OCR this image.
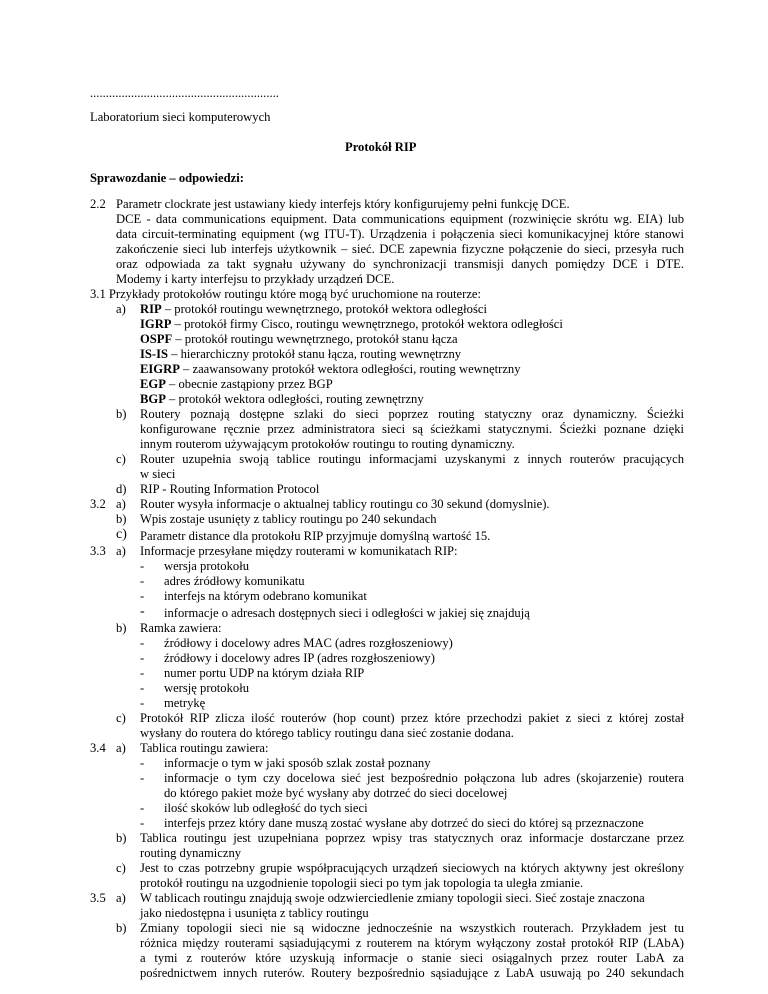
............................................................
Laboratorium sieci komputerowych
Protokół RIP
Sprawozdanie – odpowiedzi:
2.2 Parametr clockrate jest ustawiany kiedy interfejs który konfigurujemy pełni funkcję DCE.
DCE - data communications equipment. Data communications equipment (rozwinięcie skrótu wg. EIA) lub
data circuit-terminating equipment (wg ITU-T). Urządzenia i połączenia sieci komunikacyjnej które stanowi
zakończenie sieci lub interfejs użytkownik – sieć. DCE zapewnia fizyczne połączenie do sieci, przesyła ruch
oraz odpowiada za takt sygnału używany do synchronizacji transmisji danych pomiędzy DCE i DTE.
Modemy i karty interfejsu to przykłady urządzeń DCE.
3.1 Przykłady protokołów routingu które mogą być uruchomione na routerze:
a) RIP – protokół routingu wewnętrznego, protokół wektora odległości
IGRP – protokół firmy Cisco, routingu wewnętrznego, protokół wektora odległości
OSPF – protokół routingu wewnętrznego, protokół stanu łącza
IS-IS – hierarchiczny protokół stanu łącza, routing wewnętrzny
EIGRP – zaawansowany protokół wektora odległości, routing wewnętrzny
EGP – obecnie zastąpiony przez BGP
BGP – protokół wektora odległości, routing zewnętrzny
b) Routery poznają dostępne szlaki do sieci poprzez routing statyczny oraz dynamiczny. Ścieżki
konfigurowane ręcznie przez administratora sieci są ścieżkami statycznymi. Ścieżki poznane dzięki
innym routerom używającym protokołów routingu to routing dynamiczny.
c) Router uzupełnia swoją tablice routingu informacjami uzyskanymi z innych routerów pracujących
w sieci
d) RIP - Routing Information Protocol
3.2 a) Router wysyła informacje o aktualnej tablicy routingu co 30 sekund (domyslnie).
b) Wpis zostaje usunięty z tablicy routingu po 240 sekundach
c) Parametr distance dla protokołu RIP przyjmuje domyślną wartość 15.
3.3 a) Informacje przesyłane między routerami w komunikatach RIP:
- wersja protokołu
- adres źródłowy komunikatu
- interfejs na którym odebrano komunikat
- informacje o adresach dostępnych sieci i odległości w jakiej się znajdują
b) Ramka zawiera:
- źródłowy i docelowy adres MAC (adres rozgłoszeniowy)
- źródłowy i docelowy adres IP (adres rozgłoszeniowy)
- numer portu UDP na którym działa RIP
- wersję protokołu
- metrykę
c) Protokół RIP zlicza ilość routerów (hop count) przez które przechodzi pakiet z sieci z której został
wysłany do routera do którego tablicy routingu dana sieć zostanie dodana.
3.4 a) Tablica routingu zawiera:
- informacje o tym w jaki sposób szlak został poznany
- informacje o tym czy docelowa sieć jest bezpośrednio połączona lub adres (skojarzenie) routera
do którego pakiet może być wysłany aby dotrzeć do sieci docelowej
- ilość skoków lub odległość do tych sieci
- interfejs przez który dane muszą zostać wysłane aby dotrzeć do sieci do której są przeznaczone
b) Tablica routingu jest uzupełniana poprzez wpisy tras statycznych oraz informacje dostarczane przez
routing dynamiczny
c) Jest to czas potrzebny grupie współpracujących urządzeń sieciowych na których aktywny jest określony
protokół routingu na uzgodnienie topologii sieci po tym jak topologia ta uległa zmianie.
3.5 a) W tablicach routingu znajdują swoje odzwierciedlenie zmiany topologii sieci. Sieć zostaje znaczona
jako niedostępna i usunięta z tablicy routingu
b) Zmiany topologii sieci nie są widoczne jednocześnie na wszystkich routerach. Przykładem jest tu
różnica między routerami sąsiadującymi z routerem na którym wyłączony został protokół RIP (LAbA)
a tymi z routerów które uzyskują informacje o stanie sieci osiągalnych przez router LabA za
pośrednictwem innych ruterów. Routery bezpośrednio sąsiadujące z LabA usuwają po 240 sekundach
